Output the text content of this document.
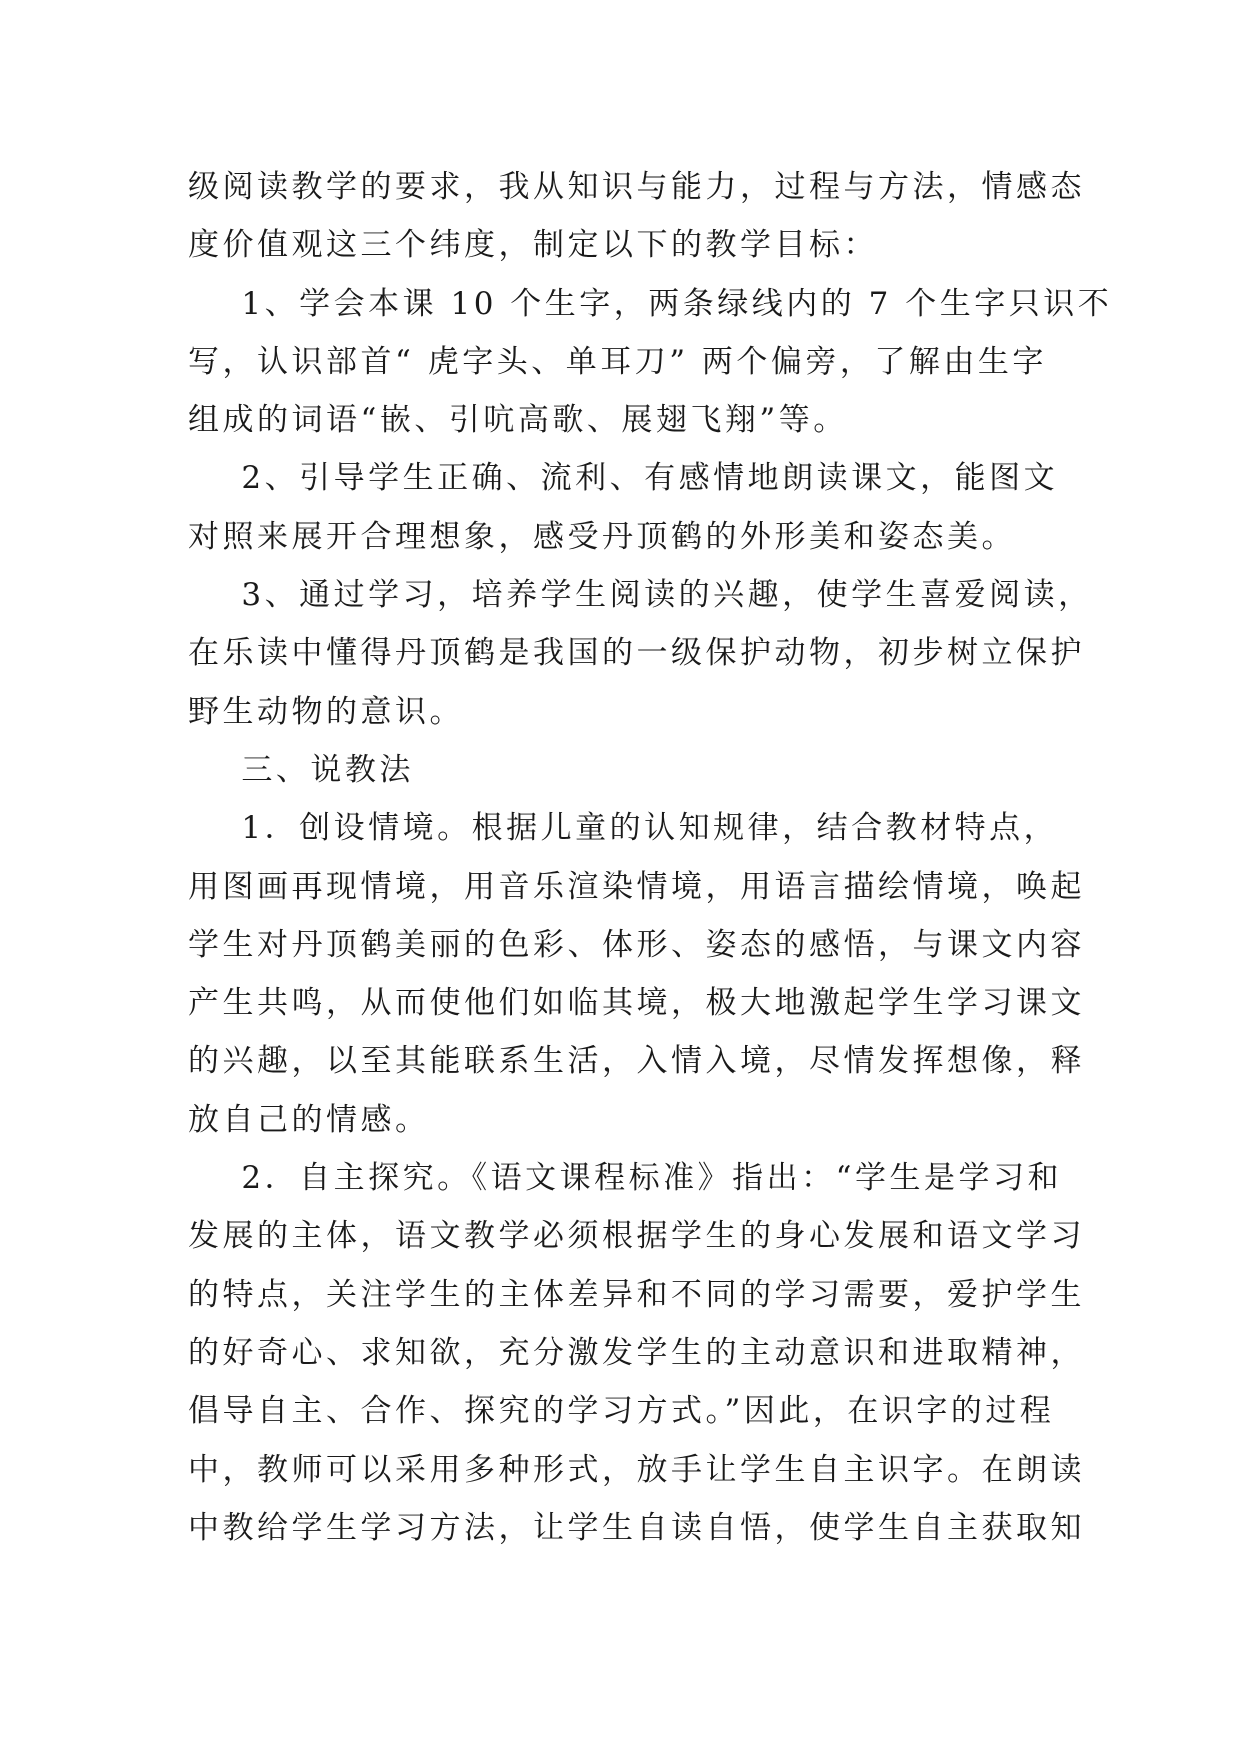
级阅读教学的要求，我从知识与能力，过程与方法，情感态
度价值观这三个纬度，制定以下的教学目标：
1、学会本课 10 个生字，两条绿线内的 7 个生字只识不
写，认识部首“ 虎字头、单耳刀” 两个偏旁，了解由生字
组成的词语“嵌、引吭高歌、展翅飞翔”等。
2、引导学生正确、流利、有感情地朗读课文，能图文
对照来展开合理想象，感受丹顶鹤的外形美和姿态美。
3、通过学习，培养学生阅读的兴趣，使学生喜爱阅读，
在乐读中懂得丹顶鹤是我国的一级保护动物，初步树立保护
野生动物的意识。
三、说教法
1．创设情境。根据儿童的认知规律，结合教材特点，
用图画再现情境，用音乐渲染情境，用语言描绘情境，唤起
学生对丹顶鹤美丽的色彩、体形、姿态的感悟，与课文内容
产生共鸣，从而使他们如临其境，极大地激起学生学习课文
的兴趣，以至其能联系生活，入情入境，尽情发挥想像，释
放自己的情感。
2．自主探究。《语文课程标准》指出：“学生是学习和
发展的主体，语文教学必须根据学生的身心发展和语文学习
的特点，关注学生的主体差异和不同的学习需要，爱护学生
的好奇心、求知欲，充分激发学生的主动意识和进取精神，
倡导自主、合作、探究的学习方式。”因此，在识字的过程
中，教师可以采用多种形式，放手让学生自主识字。在朗读
中教给学生学习方法，让学生自读自悟，使学生自主获取知
